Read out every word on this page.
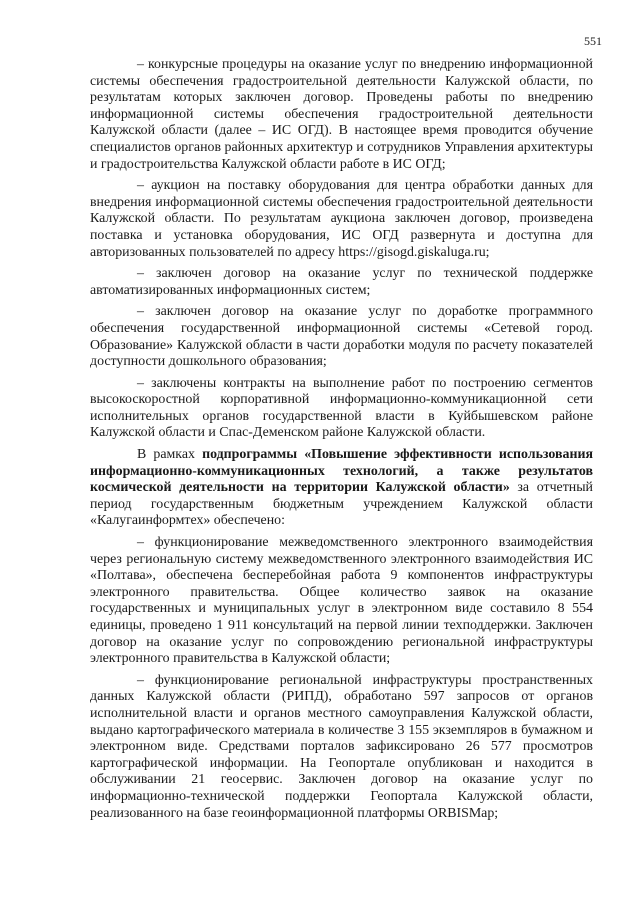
551

– конкурсные процедуры на оказание услуг по внедрению информационной системы обеспечения градостроительной деятельности Калужской области, по результатам которых заключен договор. Проведены работы по внедрению информационной системы обеспечения градостроительной деятельности Калужской области (далее – ИС ОГД). В настоящее время проводится обучение специалистов органов районных архитектур и сотрудников Управления архитектуры и градостроительства Калужской области работе в ИС ОГД;

– аукцион на поставку оборудования для центра обработки данных для внедрения информационной системы обеспечения градостроительной деятельности Калужской области. По результатам аукциона заключен договор, произведена поставка и установка оборудования, ИС ОГД развернута и доступна для авторизованных пользователей по адресу https://gisogd.giskaluga.ru;

– заключен договор на оказание услуг по технической поддержке автоматизированных информационных систем;

– заключен договор на оказание услуг по доработке программного обеспечения государственной информационной системы «Сетевой город. Образование» Калужской области в части доработки модуля по расчету показателей доступности дошкольного образования;

– заключены контракты на выполнение работ по построению сегментов высокоскоростной корпоративной информационно-коммуникационной сети исполнительных органов государственной власти в Куйбышевском районе Калужской области и Спас-Деменском районе Калужской области.

В рамках подпрограммы «Повышение эффективности использования информационно-коммуникационных технологий, а также результатов космической деятельности на территории Калужской области» за отчетный период государственным бюджетным учреждением Калужской области «Калугаинформтех» обеспечено:

– функционирование межведомственного электронного взаимодействия через региональную систему межведомственного электронного взаимодействия ИС «Полтава», обеспечена бесперебойная работа 9 компонентов инфраструктуры электронного правительства. Общее количество заявок на оказание государственных и муниципальных услуг в электронном виде составило 8 554 единицы, проведено 1 911 консультаций на первой линии техподдержки. Заключен договор на оказание услуг по сопровождению региональной инфраструктуры электронного правительства в Калужской области;

– функционирование региональной инфраструктуры пространственных данных Калужской области (РИПД), обработано 597 запросов от органов исполнительной власти и органов местного самоуправления Калужской области, выдано картографического материала в количестве 3 155 экземпляров в бумажном и электронном виде. Средствами порталов зафиксировано 26 577 просмотров картографической информации. На Геопортале опубликован и находится в обслуживании 21 геосервис. Заключен договор на оказание услуг по информационно-технической поддержки Геопортала Калужской области, реализованного на базе геоинформационной платформы ORBISMap;
